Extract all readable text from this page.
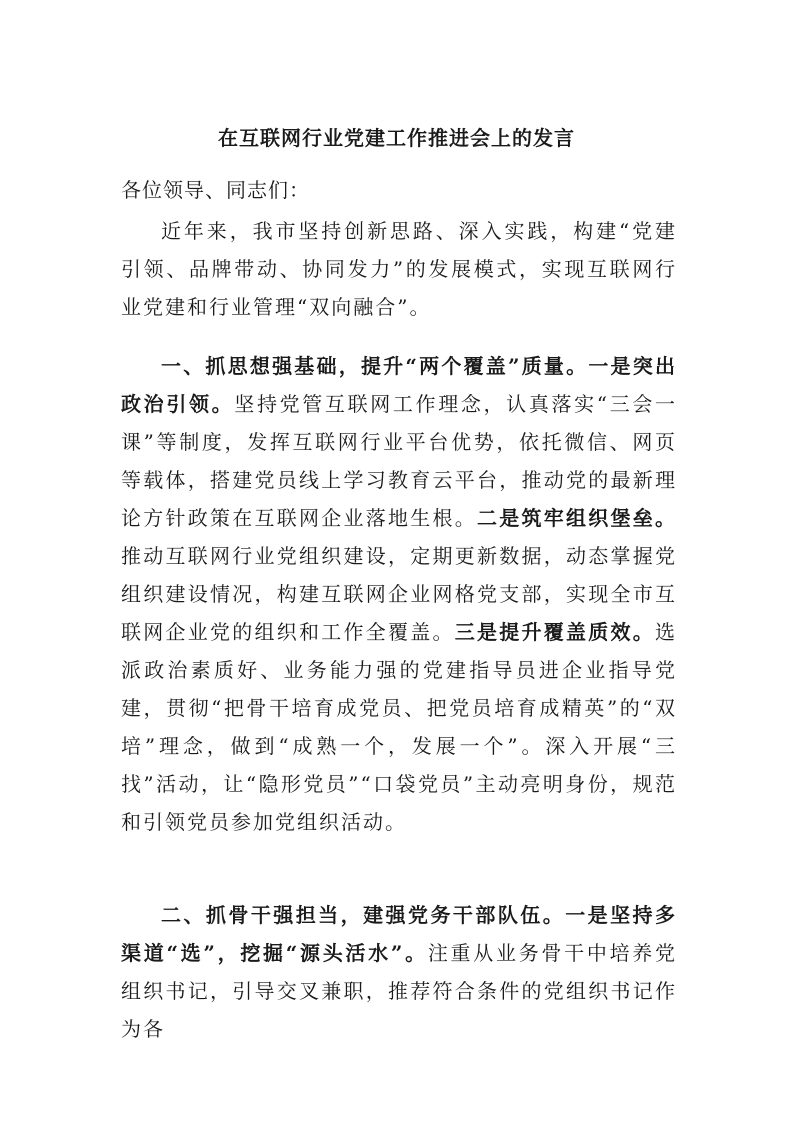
在互联网行业党建工作推进会上的发言

各位领导、同志们：

近年来，我市坚持创新思路、深入实践，构建“党建引领、品牌带动、协同发力”的发展模式，实现互联网行业党建和行业管理“双向融合”。

一、抓思想强基础，提升“两个覆盖”质量。一是突出政治引领。坚持党管互联网工作理念，认真落实“三会一课”等制度，发挥互联网行业平台优势，依托微信、网页等载体，搭建党员线上学习教育云平台，推动党的最新理论方针政策在互联网企业落地生根。二是筑牢组织堡垒。推动互联网行业党组织建设，定期更新数据，动态掌握党组织建设情况，构建互联网企业网格党支部，实现全市互联网企业党的组织和工作全覆盖。三是提升覆盖质效。选派政治素质好、业务能力强的党建指导员进企业指导党建，贯彻“把骨干培育成党员、把党员培育成精英”的“双培”理念，做到“成熟一个，发展一个”。深入开展“三找”活动，让“隐形党员”“口袋党员”主动亮明身份，规范和引领党员参加党组织活动。

二、抓骨干强担当，建强党务干部队伍。一是坚持多渠道“选”，挖掘“源头活水”。注重从业务骨干中培养党组织书记，引导交叉兼职，推荐符合条件的党组织书记作为各
